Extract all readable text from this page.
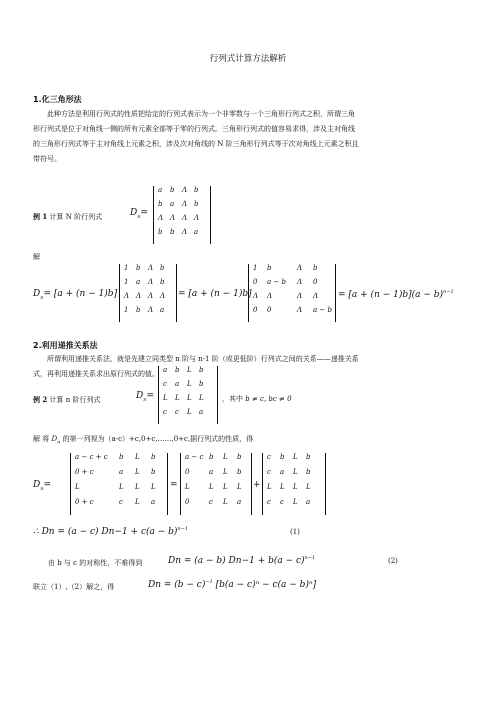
行列式计算方法解析
1.化三角形法
此种方法是利用行列式的性质把给定的行列式表示为一个非零数与一个三角形行列式之积，所谓三角
形行列式是位于对角线一侧的所有元素全部等于零的行列式。三角形行列式的值容易求得，涉及主对角线
的三角形行列式等于主对角线上元素之积，涉及次对角线的 N 阶三角形行列式等于次对角线上元素之积且
带符号。
例 1 计算 N 阶行列式	$D_n=$
a	b	Λ b
b	a	Λ b
Λ Λ Λ Λ
b	b	Λ a
解
$D_n= [a + (n - 1)b]$
1	b	Λ b
1	a	Λ b
Λ Λ Λ Λ
1	b	Λ a
= [a + (n − 1)b]
1	b	Λ	b
0	a − b	Λ	0
Λ	Λ	Λ	Λ
0	0	Λ	a − b
= $[a + (n - 1)b](a - b)^{n-1}$
2.利用递推关系法
所谓利用递推关系法，就是先建立同类型 n 阶与 n-1 阶（或更低阶）行列式之间的关系——递推关系
式，再利用递推关系求出原行列式的值。
例 2 计算 n 阶行列式	$D_n=$
a	b	L	b
c	a	L	b
L	L	L	L
c	c	L	a
，其中 b ≠ c, bc ≠ 0
解 将 $D_n$ 的第一列视为（a-c）+c,0+c,……,0+c,据行列式的性质，得
$D_n=$
a − c + c	b	L	b
0 + c	a	L	b
L	L	L	L
0 + c	c	L	a
=
a − c b	L	b
0	a	L	b
L	L	L	L
0	c	L	a
+
c	b	L	b
c	a	L	b
L	L	L	L
c	c	L	a
∴ Dn = (a − c) $Dn-1 + c(a - b)^{n-1}$	(1)
由 b 与 c 的对称性，不难得到	Dn = (a − b) $Dn-1 + b(a - c)^{n-1}$	(2)
联立（1）,（2）解之，得	$Dn = (b - c)^{-1}$ [b(a − c)ⁿ − c(a − b)ⁿ]
